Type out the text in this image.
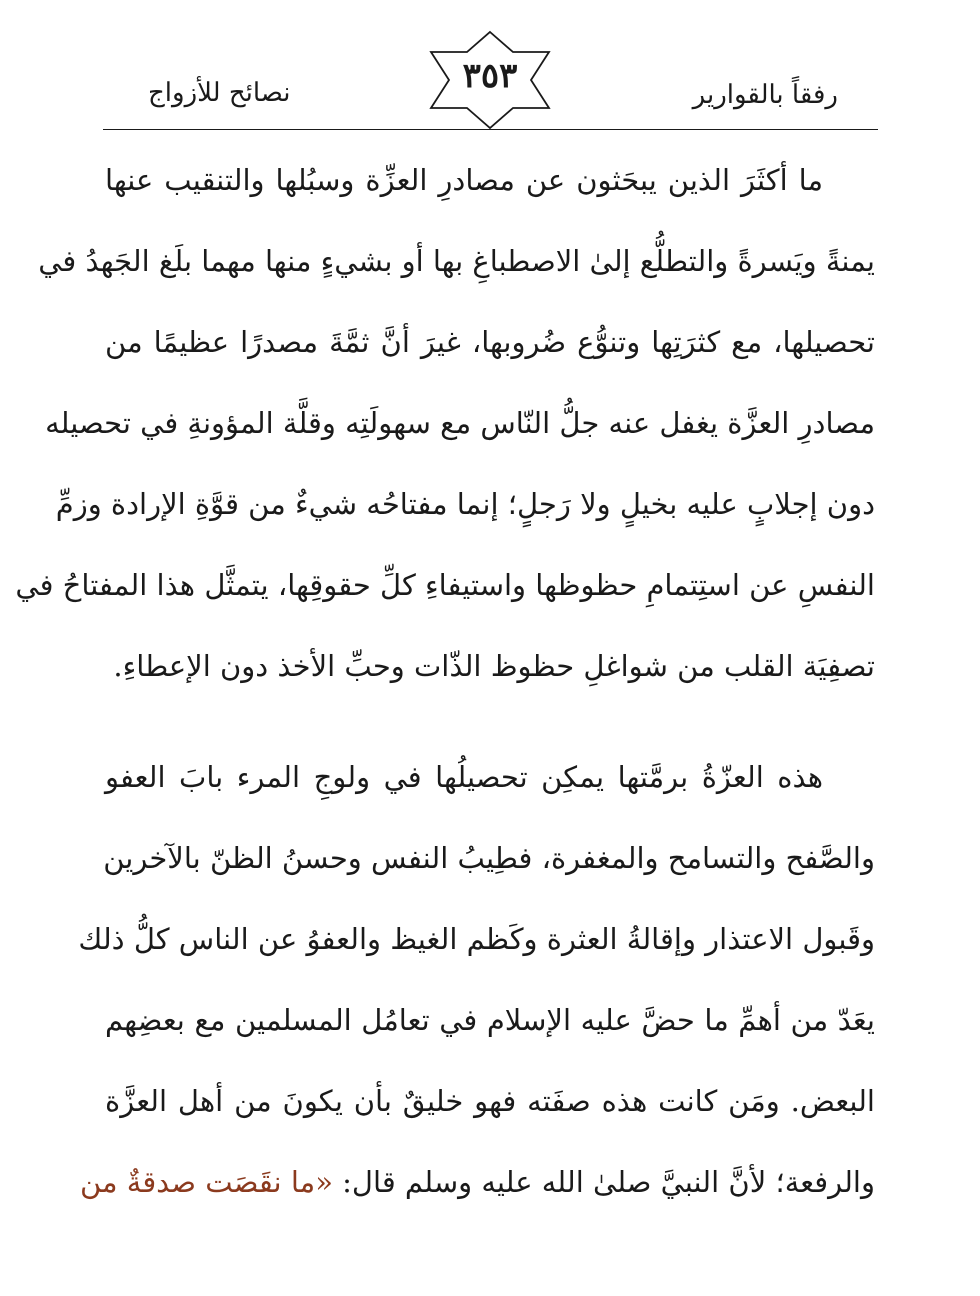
رفقاً بالقوارير
٣٥٣
نصائح للأزواج
ما أكثَرَ الذين يبحَثون عن مصادرِ العزِّة وسبُلها والتنقيب عنها
يمنةً ويَسرةً والتطلُّع إلىٰ الاصطباغِ بها أو بشيءٍ منها مهما بلَغ الجَهدُ في
تحصيلها، مع كثرَتِها وتنوُّع ضُروبها، غيرَ أنَّ ثمَّةَ مصدرًا عظيمًا من
مصادرِ العزَّة يغفل عنه جلُّ النّاس مع سهولَتِه وقلَّة المؤونةِ في تحصيله
دون إجلابٍ عليه بخيلٍ ولا رَجلٍ؛ إنما مفتاحُه شيءٌ من قوَّةِ الإرادة وزمِّ
النفسِ عن استِتمامِ حظوظها واستيفاءِ كلِّ حقوقِها، يتمثَّل هذا المفتاحُ في
تصفِيَة القلب من شواغلِ حظوظ الذّات وحبِّ الأخذ دون الإعطاءِ.
هذه العزّةُ برمَّتها يمكِن تحصيلُها في ولوجِ المرء بابَ العفو
والصَّفح والتسامح والمغفرة، فطِيبُ النفس وحسنُ الظنّ بالآخرين
وقَبول الاعتذار وإقالةُ العثرة وكَظم الغيظ والعفوُ عن الناس كلُّ ذلك
يعَدّ من أهمِّ ما حضَّ عليه الإسلام في تعامُل المسلمين مع بعضِهم
البعض. ومَن كانت هذه صفَته فهو خليقٌ بأن يكونَ من أهل العزَّة
والرفعة؛ لأنَّ النبيَّ صلىٰ الله عليه وسلم قال: «ما نقَصَت صدقةٌ من
